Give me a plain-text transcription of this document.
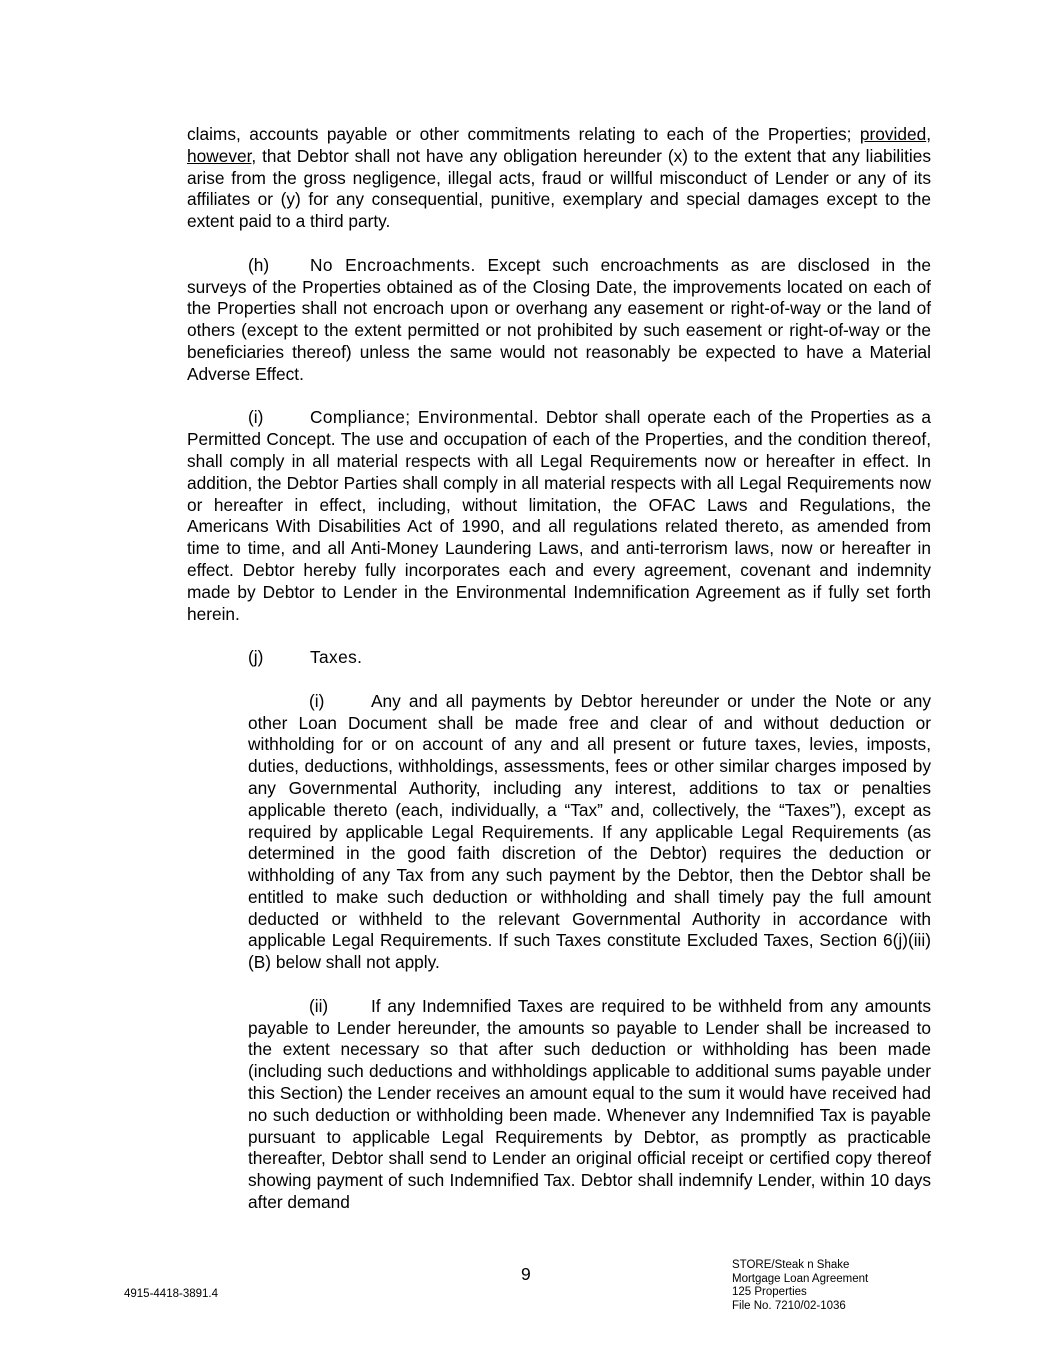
claims, accounts payable or other commitments relating to each of the Properties; provided, however, that Debtor shall not have any obligation hereunder (x) to the extent that any liabilities arise from the gross negligence, illegal acts, fraud or willful misconduct of Lender or any of its affiliates or (y) for any consequential, punitive, exemplary and special damages except to the extent paid to a third party.

(h) No Encroachments. Except such encroachments as are disclosed in the surveys of the Properties obtained as of the Closing Date, the improvements located on each of the Properties shall not encroach upon or overhang any easement or right-of-way or the land of others (except to the extent permitted or not prohibited by such easement or right-of-way or the beneficiaries thereof) unless the same would not reasonably be expected to have a Material Adverse Effect.

(i)	Compliance; Environmental. Debtor shall operate each of the Properties as a Permitted Concept. The use and occupation of each of the Properties, and the condition thereof, shall comply in all material respects with all Legal Requirements now or hereafter in effect. In addition, the Debtor Parties shall comply in all material respects with all Legal Requirements now or hereafter in effect, including, without limitation, the OFAC Laws and Regulations, the Americans With Disabilities Act of 1990, and all regulations related thereto, as amended from time to time, and all Anti-Money Laundering Laws, and anti-terrorism laws, now or hereafter in effect. Debtor hereby fully incorporates each and every agreement, covenant and indemnity made by Debtor to Lender in the Environmental Indemnification Agreement as if fully set forth herein.

(j)	Taxes.

(i)	Any and all payments by Debtor hereunder or under the Note or any other Loan Document shall be made free and clear of and without deduction or withholding for or on account of any and all present or future taxes, levies, imposts, duties, deductions, withholdings, assessments, fees or other similar charges imposed by any Governmental Authority, including any interest, additions to tax or penalties applicable thereto (each, individually, a “Tax” and, collectively, the “Taxes”), except as required by applicable Legal Requirements. If any applicable Legal Requirements (as determined in the good faith discretion of the Debtor) requires the deduction or withholding of any Tax from any such payment by the Debtor, then the Debtor shall be entitled to make such deduction or withholding and shall timely pay the full amount deducted or withheld to the relevant Governmental Authority in accordance with applicable Legal Requirements. If such Taxes constitute Excluded Taxes, Section 6(j)(iii)(B) below shall not apply.

(ii) If any Indemnified Taxes are required to be withheld from any amounts payable to Lender hereunder, the amounts so payable to Lender shall be increased to the extent necessary so that after such deduction or withholding has been made (including such deductions and withholdings applicable to additional sums payable under this Section) the Lender receives an amount equal to the sum it would have received had no such deduction or withholding been made. Whenever any Indemnified Tax is payable pursuant to applicable Legal Requirements by Debtor, as promptly as practicable thereafter, Debtor shall send to Lender an original official receipt or certified copy thereof showing payment of such Indemnified Tax. Debtor shall indemnify Lender, within 10 days after demand

4915-4418-3891.4
9	STORE/Steak n Shake
Mortgage Loan Agreement
125 Properties
File No. 7210/02-1036
